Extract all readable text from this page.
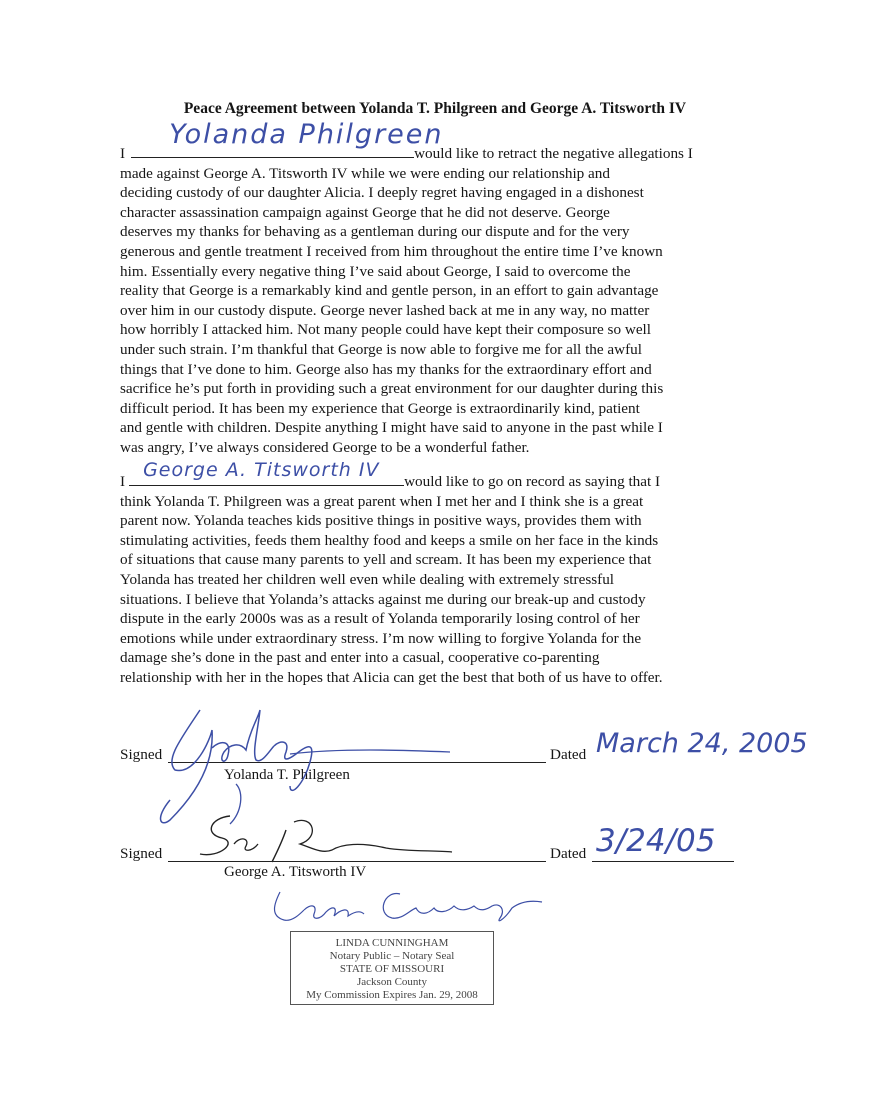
Peace Agreement between Yolanda T. Philgreen and George A. Titsworth IV
I
Yolanda Philgreen
would like to retract the negative allegations I
made against George A. Titsworth IV while we were ending our relationship and
deciding custody of our daughter Alicia. I deeply regret having engaged in a dishonest
character assassination campaign against George that he did not deserve. George
deserves my thanks for behaving as a gentleman during our dispute and for the very
generous and gentle treatment I received from him throughout the entire time I’ve known
him. Essentially every negative thing I’ve said about George, I said to overcome the
reality that George is a remarkably kind and gentle person, in an effort to gain advantage
over him in our custody dispute. George never lashed back at me in any way, no matter
how horribly I attacked him. Not many people could have kept their composure so well
under such strain. I’m thankful that George is now able to forgive me for all the awful
things that I’ve done to him. George also has my thanks for the extraordinary effort and
sacrifice he’s put forth in providing such a great environment for our daughter during this
difficult period. It has been my experience that George is extraordinarily kind, patient
and gentle with children. Despite anything I might have said to anyone in the past while I
was angry, I’ve always considered George to be a wonderful father.
I
George A. Titsworth IV
would like to go on record as saying that I
think Yolanda T. Philgreen was a great parent when I met her and I think she is a great
parent now. Yolanda teaches kids positive things in positive ways, provides them with
stimulating activities, feeds them healthy food and keeps a smile on her face in the kinds
of situations that cause many parents to yell and scream. It has been my experience that
Yolanda has treated her children well even while dealing with extremely stressful
situations. I believe that Yolanda’s attacks against me during our break-up and custody
dispute in the early 2000s was as a result of Yolanda temporarily losing control of her
emotions while under extraordinary stress. I’m now willing to forgive Yolanda for the
damage she’s done in the past and enter into a casual, cooperative co-parenting
relationship with her in the hopes that Alicia can get the best that both of us have to offer.
Signed	Dated
Yolanda T. Philgreen
March 24, 2005
Signed	Dated
George A. Titsworth IV
3/24/05
LINDA CUNNINGHAM
Notary Public – Notary Seal
STATE OF MISSOURI
Jackson County
My Commission Expires Jan. 29, 2008
